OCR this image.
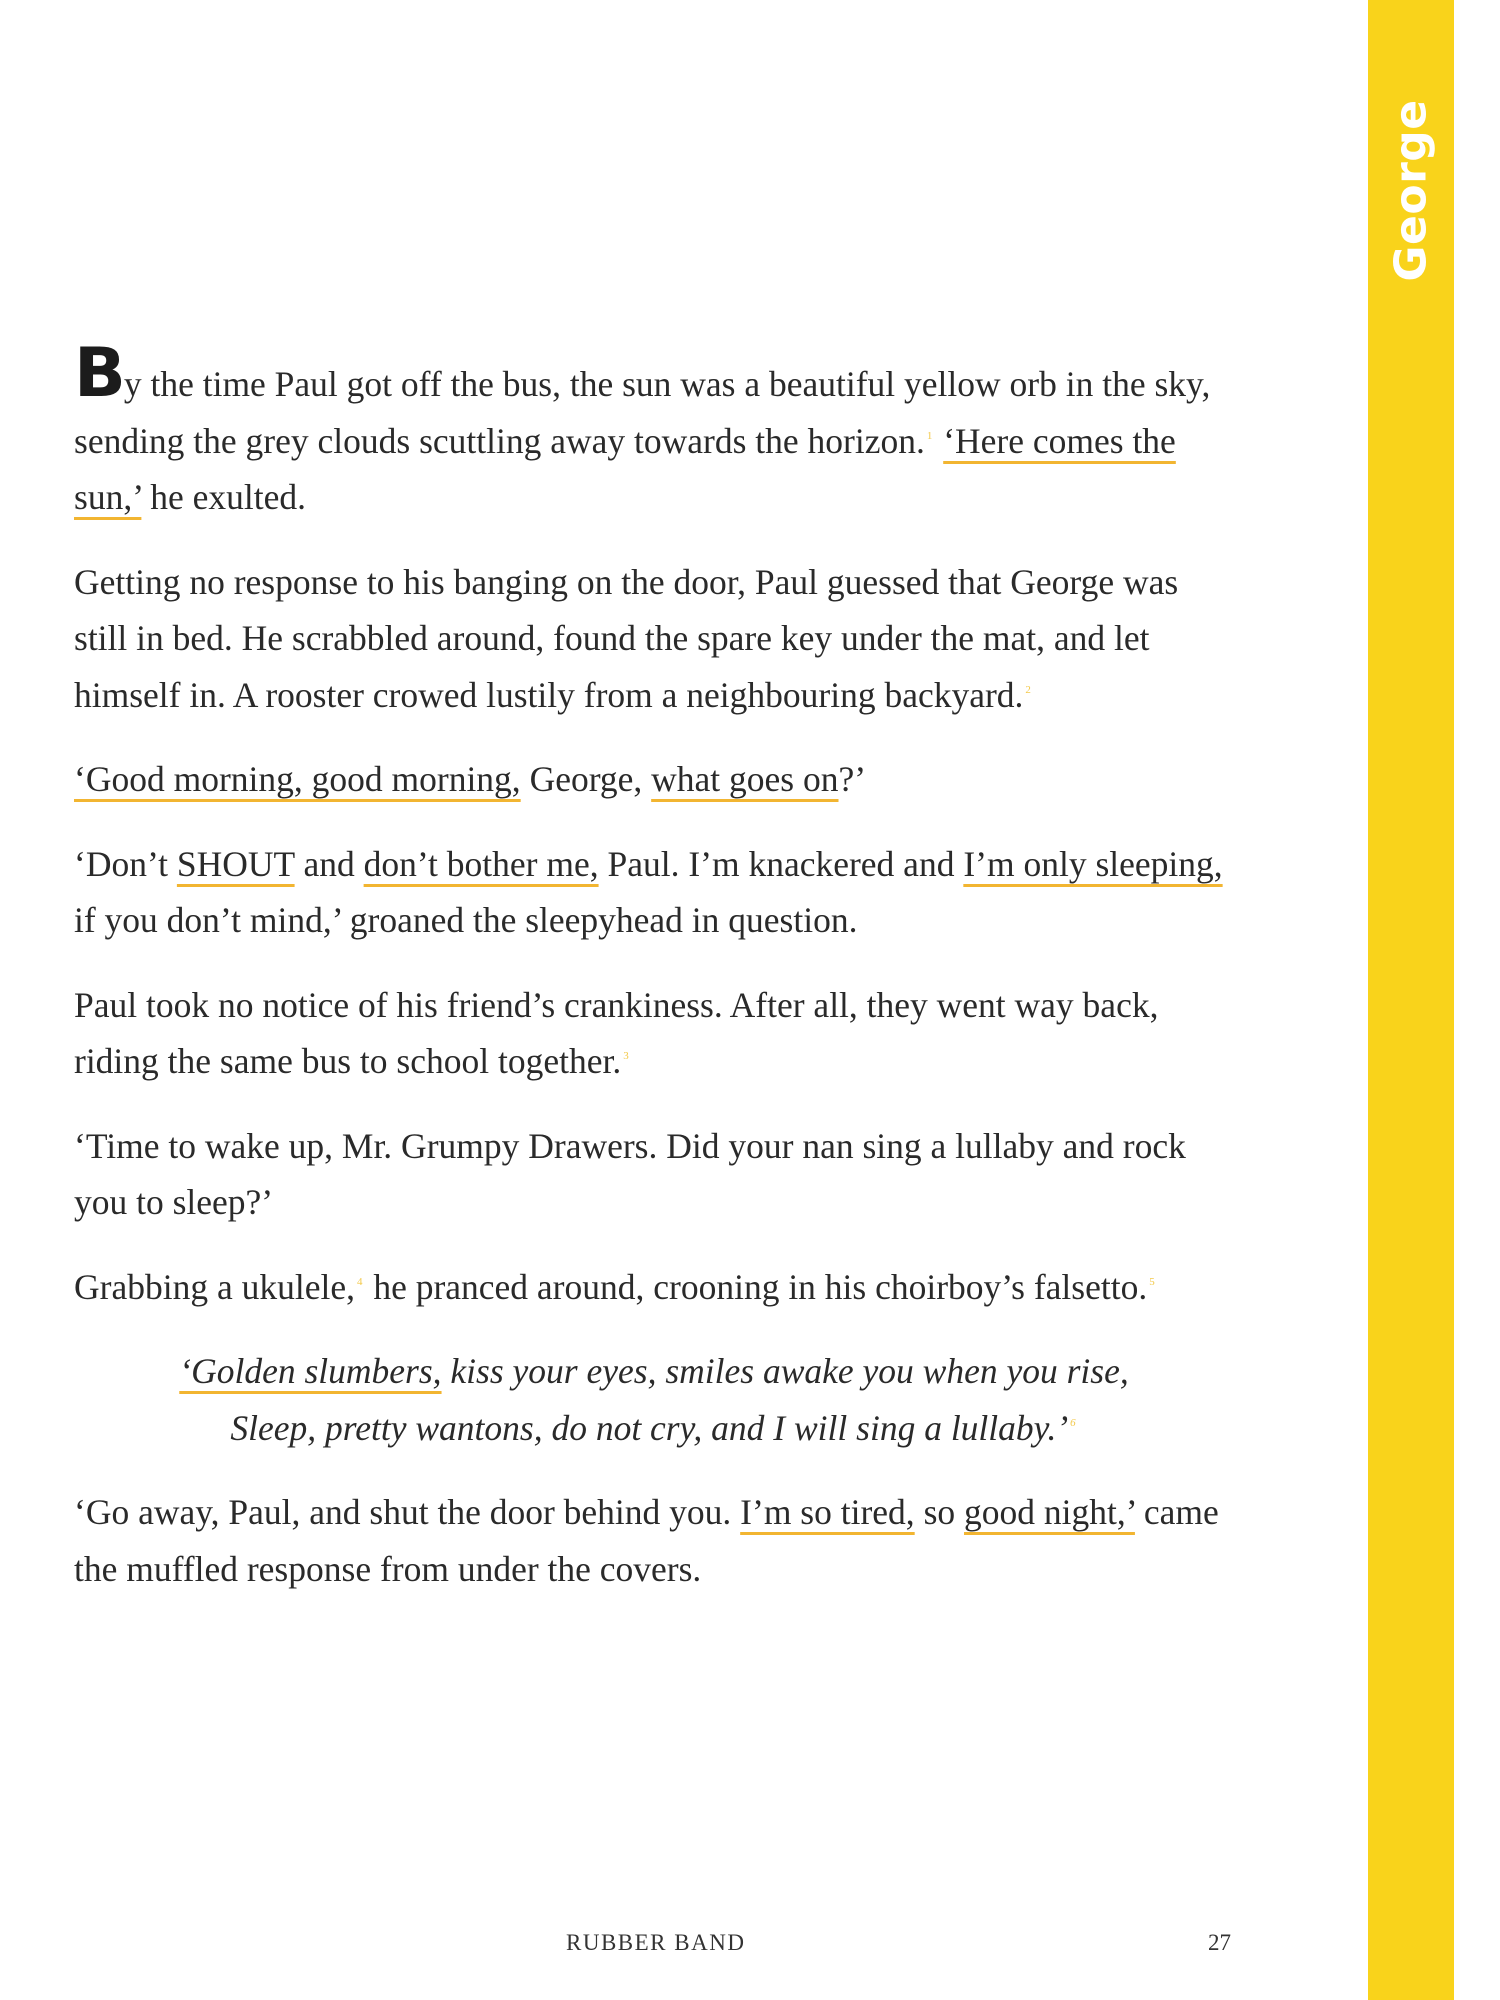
George

By the time Paul got off the bus, the sun was a beautiful yellow orb in the sky, sending the grey clouds scuttling away towards the horizon. $^1$ ‘Here comes the sun,’ he exulted.

Getting no response to his banging on the door, Paul guessed that George was still in bed. He scrabbled around, found the spare key under the mat, and let himself in. A rooster crowed lustily from a neighbouring backyard. $^2$

‘Good morning, good morning, George, what goes on?’

‘Don’t SHOUT and don’t bother me, Paul. I’m knackered and I’m only sleeping, if you don’t mind,’ groaned the sleepyhead in question.

Paul took no notice of his friend’s crankiness. After all, they went way back, riding the same bus to school together. $^3$

‘Time to wake up, Mr. Grumpy Drawers. Did your nan sing a lullaby and rock you to sleep?’

Grabbing a ukulele, $^4$ he pranced around, crooning in his choirboy’s falsetto. $^5$

‘Golden slumbers, kiss your eyes, smiles awake you when you rise,
Sleep, pretty wantons, do not cry, and I will sing a lullaby.’ $^6$

‘Go away, Paul, and shut the door behind you. I’m so tired, so good night,’ came the muffled response from under the covers.

RUBBER BAND	27
